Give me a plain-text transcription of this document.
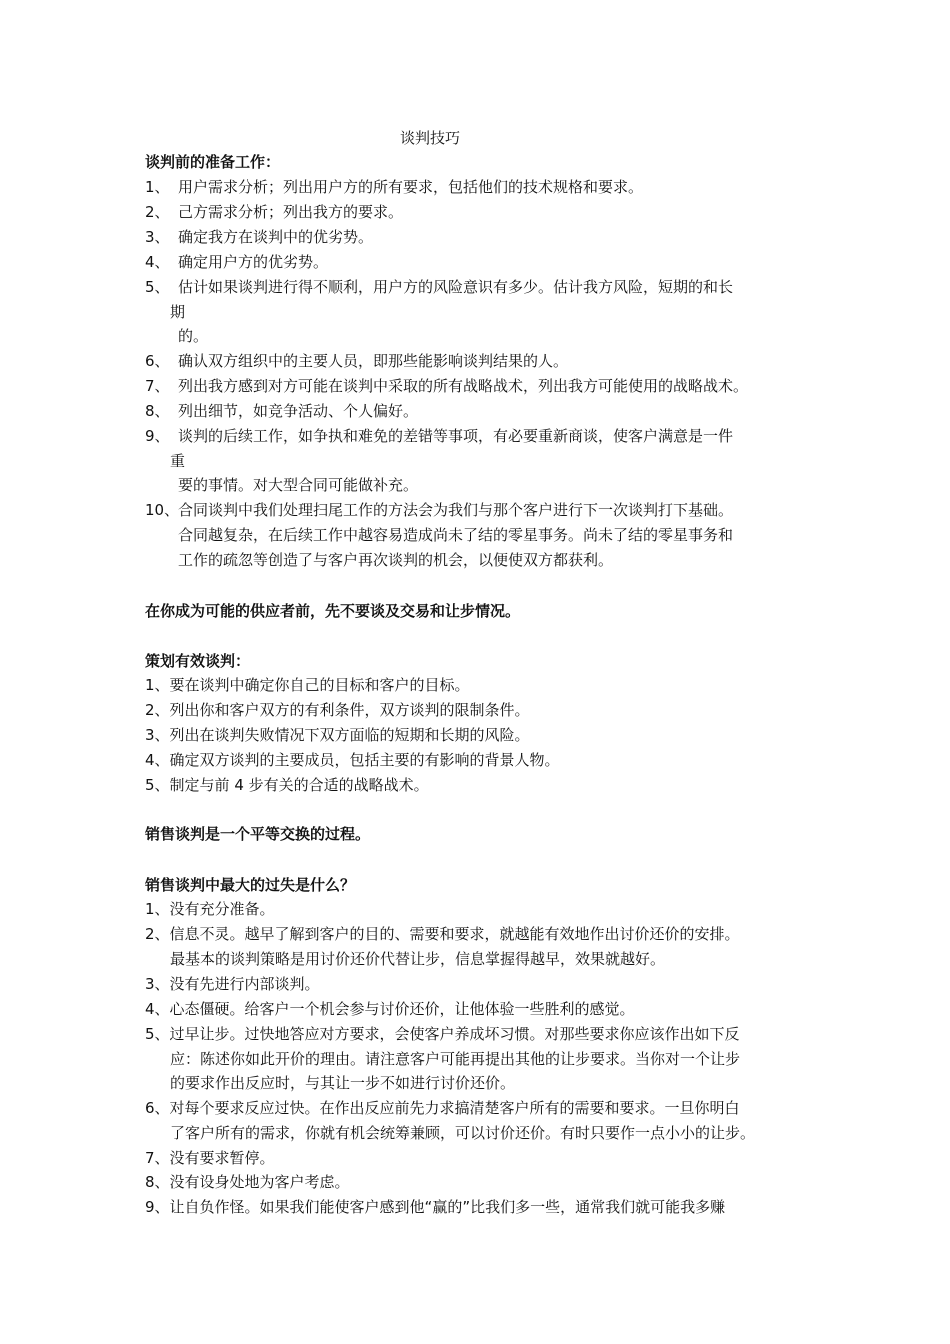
谈判技巧
谈判前的准备工作：
1、 用户需求分析；列出用户方的所有要求，包括他们的技术规格和要求。
2、 己方需求分析；列出我方的要求。
3、 确定我方在谈判中的优劣势。
4、 确定用户方的优劣势。
5、 估计如果谈判进行得不顺利，用户方的风险意识有多少。估计我方风险，短期的和长
期
的。
6、 确认双方组织中的主要人员，即那些能影响谈判结果的人。
7、 列出我方感到对方可能在谈判中采取的所有战略战术，列出我方可能使用的战略战术。
8、 列出细节，如竞争活动、个人偏好。
9、 谈判的后续工作，如争执和难免的差错等事项，有必要重新商谈，使客户满意是一件
重
要的事情。对大型合同可能做补充。
10、
合同谈判中我们处理扫尾工作的方法会为我们与那个客户进行下一次谈判打下基础。
合同越复杂，在后续工作中越容易造成尚未了结的零星事务。尚未了结的零星事务和
工作的疏忽等创造了与客户再次谈判的机会，以便使双方都获利。
在你成为可能的供应者前，先不要谈及交易和让步情况。
策划有效谈判：
1、要在谈判中确定你自己的目标和客户的目标。
2、列出你和客户双方的有利条件，双方谈判的限制条件。
3、列出在谈判失败情况下双方面临的短期和长期的风险。
4、确定双方谈判的主要成员，包括主要的有影响的背景人物。
5、制定与前 4 步有关的合适的战略战术。
销售谈判是一个平等交换的过程。
销售谈判中最大的过失是什么？
1、没有充分准备。
2、信息不灵。越早了解到客户的目的、需要和要求，就越能有效地作出讨价还价的安排。
最基本的谈判策略是用讨价还价代替让步，信息掌握得越早，效果就越好。
3、没有先进行内部谈判。
4、心态僵硬。给客户一个机会参与讨价还价，让他体验一些胜利的感觉。
5、过早让步。过快地答应对方要求，会使客户养成坏习惯。对那些要求你应该作出如下反
应：陈述你如此开价的理由。请注意客户可能再提出其他的让步要求。当你对一个让步
的要求作出反应时，与其让一步不如进行讨价还价。
6、对每个要求反应过快。在作出反应前先力求搞清楚客户所有的需要和要求。一旦你明白
了客户所有的需求，你就有机会统筹兼顾，可以讨价还价。有时只要作一点小小的让步。
7、没有要求暂停。
8、没有设身处地为客户考虑。
9、让自负作怪。如果我们能使客户感到他“赢的”比我们多一些，通常我们就可能我多赚
